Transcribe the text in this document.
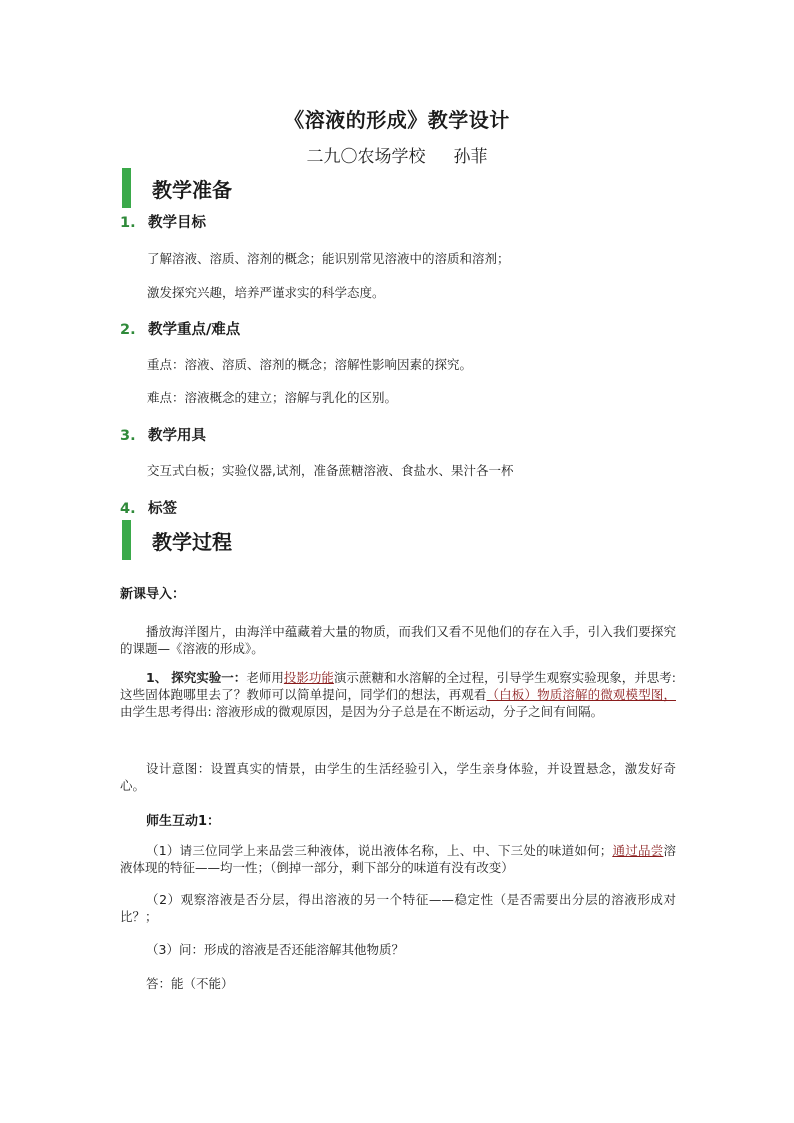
《溶液的形成》教学设计
二九〇农场学校 孙菲
教学准备
1. 教学目标
了解溶液、溶质、溶剂的概念；能识别常见溶液中的溶质和溶剂；
激发探究兴趣，培养严谨求实的科学态度。
2. 教学重点/难点
重点：溶液、溶质、溶剂的概念；溶解性影响因素的探究。
难点：溶液概念的建立；溶解与乳化的区别。
3. 教学用具
交互式白板；实验仪器,试剂，准备蔗糖溶液、食盐水、果汁各一杯
4. 标签
教学过程
新课导入：
播放海洋图片，由海洋中蕴藏着大量的物质，而我们又看不见他们的存在入手，引入我们要探究的课题—《溶液的形成》。
1、 探究实验一：老师用投影功能演示蔗糖和水溶解的全过程，引导学生观察实验现象，并思考:这些固体跑哪里去了？教师可以简单提问，同学们的想法，再观看（白板）物质溶解的微观模型图，由学生思考得出: 溶液形成的微观原因，是因为分子总是在不断运动，分子之间有间隔。
设计意图：设置真实的情景，由学生的生活经验引入，学生亲身体验，并设置悬念，激发好奇心。
师生互动1：
（1）请三位同学上来品尝三种液体，说出液体名称，上、中、下三处的味道如何；通过品尝溶液体现的特征——均一性；（倒掉一部分，剩下部分的味道有没有改变）
（2）观察溶液是否分层，得出溶液的另一个特征——稳定性（是否需要出分层的溶液形成对比？；
（3）问：形成的溶液是否还能溶解其他物质？
答：能（不能）
